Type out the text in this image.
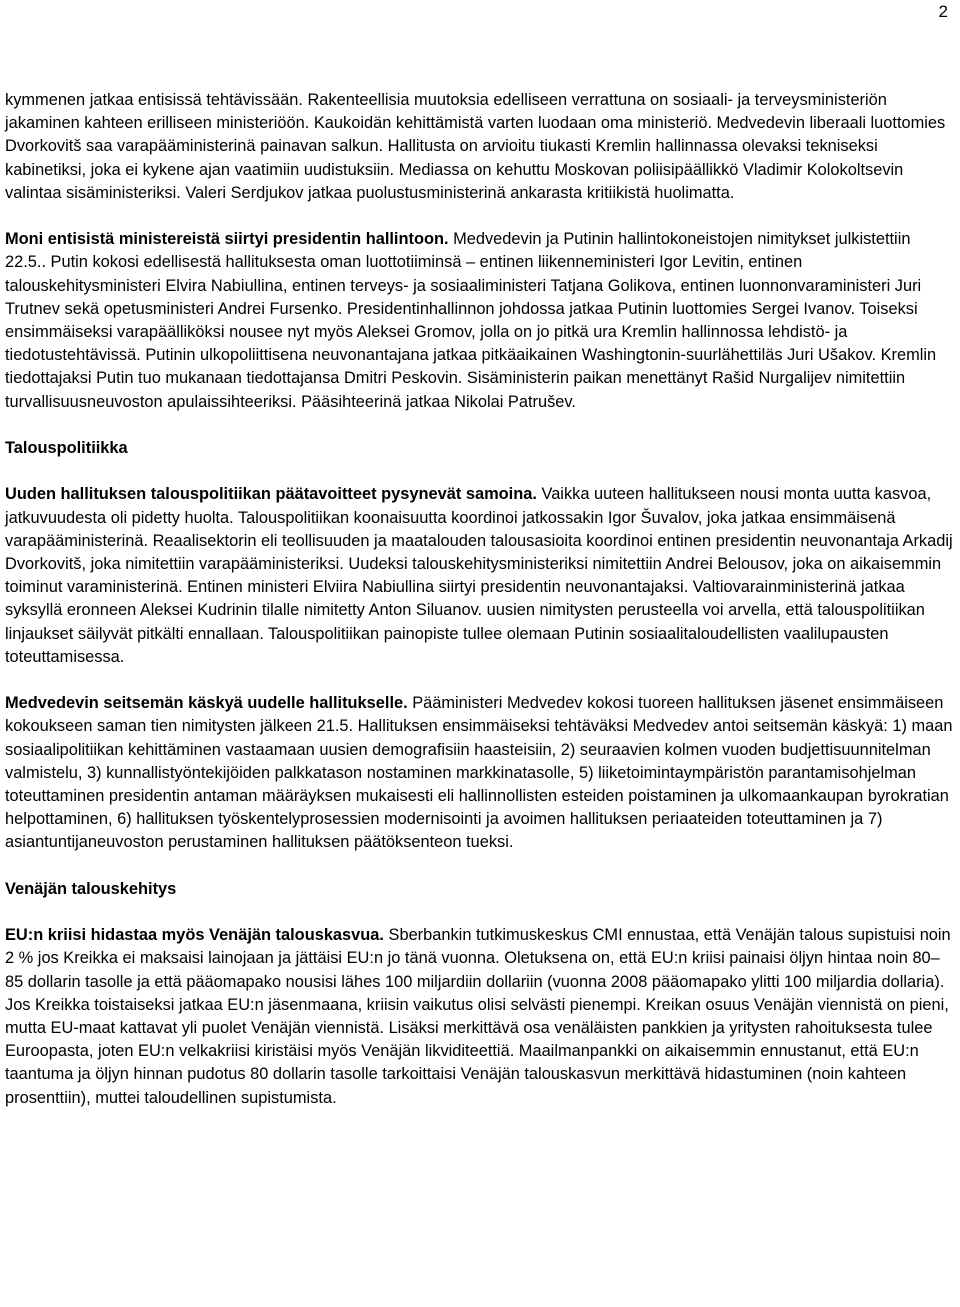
2

kymmenen jatkaa entisissä tehtävissään. Rakenteellisia muutoksia edelliseen verrattuna on sosiaali- ja terveysministeriön jakaminen kahteen erilliseen ministeriöön. Kaukoidän kehittämistä varten luodaan oma ministeriö. Medvedevin liberaali luottomies Dvorkovitš saa varapääministerinä painavan salkun. Hallitusta on arvioitu tiukasti Kremlin hallinnassa olevaksi tekniseksi kabinetiksi, joka ei kykene ajan vaatimiin uudistuksiin. Mediassa on kehuttu Moskovan poliisipäällikkö Vladimir Kolokoltsevin valintaa sisäministeriksi. Valeri Serdjukov jatkaa puolustusministerinä ankarasta kritiikistä huolimatta.

Moni entisistä ministereistä siirtyi presidentin hallintoon. Medvedevin ja Putinin hallintokoneistojen nimitykset julkistettiin 22.5.. Putin kokosi edellisestä hallituksesta oman luottotiiminsä – entinen liikenneministeri Igor Levitin, entinen talouskehitysministeri Elvira Nabiullina, entinen terveys- ja sosiaaliministeri Tatjana Golikova, entinen luonnonvaraministeri Juri Trutnev sekä opetusministeri Andrei Fursenko. Presidentinhallinnon johdossa jatkaa Putinin luottomies Sergei Ivanov. Toiseksi ensimmäiseksi varapäälliköksi nousee nyt myös Aleksei Gromov, jolla on jo pitkä ura Kremlin hallinnossa lehdistö- ja tiedotustehtävissä. Putinin ulkopoliittisena neuvonantajana jatkaa pitkäaikainen Washingtonin-suurlähettiläs Juri Ušakov. Kremlin tiedottajaksi Putin tuo mukanaan tiedottajansa Dmitri Peskovin. Sisäministerin paikan menettänyt Rašid Nurgalijev nimitettiin turvallisuusneuvoston apulaissihteeriksi. Pääsihteerinä jatkaa Nikolai Patrušev.

Talouspolitiikka

Uuden hallituksen talouspolitiikan päätavoitteet pysynevät samoina. Vaikka uuteen hallitukseen nousi monta uutta kasvoa, jatkuvuudesta oli pidetty huolta. Talouspolitiikan koonaisuutta koordinoi jatkossakin Igor Šuvalov, joka jatkaa ensimmäisenä varapääministerinä. Reaalisektorin eli teollisuuden ja maatalouden talousasioita koordinoi entinen presidentin neuvonantaja Arkadij Dvorkovitš, joka nimitettiin varapääministeriksi. Uudeksi talouskehitysministeriksi nimitettiin Andrei Belousov, joka on aikaisemmin toiminut varaministerinä. Entinen ministeri Elviira Nabiullina siirtyi presidentin neuvonantajaksi. Valtiovarainministerinä jatkaa syksyllä eronneen Aleksei Kudrinin tilalle nimitetty Anton Siluanov. uusien nimitysten perusteella voi arvella, että talouspolitiikan linjaukset säilyvät pitkälti ennallaan. Talouspolitiikan painopiste tullee olemaan Putinin sosiaalitaloudellisten vaalilupausten toteuttamisessa.

Medvedevin seitsemän käskyä uudelle hallitukselle. Pääministeri Medvedev kokosi tuoreen hallituksen jäsenet ensimmäiseen kokoukseen saman tien nimitysten jälkeen 21.5. Hallituksen ensimmäiseksi tehtäväksi Medvedev antoi seitsemän käskyä: 1) maan sosiaalipolitiikan kehittäminen vastaamaan uusien demografisiin haasteisiin, 2) seuraavien kolmen vuoden budjettisuunnitelman valmistelu, 3) kunnallistyöntekijöiden palkkatason nostaminen markkinatasolle, 5) liiketoimintaympäristön parantamisohjelman toteuttaminen presidentin antaman määräyksen mukaisesti eli hallinnollisten esteiden poistaminen ja ulkomaankaupan byrokratian helpottaminen, 6) hallituksen työskentelyprosessien modernisointi ja avoimen hallituksen periaateiden toteuttaminen ja 7) asiantuntijaneuvoston perustaminen hallituksen päätöksenteon tueksi.

Venäjän talouskehitys

EU:n kriisi hidastaa myös Venäjän talouskasvua. Sberbankin tutkimuskeskus CMI ennustaa, että Venäjän talous supistuisi noin 2 % jos Kreikka ei maksaisi lainojaan ja jättäisi EU:n jo tänä vuonna. Oletuksena on, että EU:n kriisi painaisi öljyn hintaa noin 80–85 dollarin tasolle ja että pääomapako nousisi lähes 100 miljardiin dollariin (vuonna 2008 pääomapako ylitti 100 miljardia dollaria). Jos Kreikka toistaiseksi jatkaa EU:n jäsenmaana, kriisin vaikutus olisi selvästi pienempi. Kreikan osuus Venäjän viennistä on pieni, mutta EU-maat kattavat yli puolet Venäjän viennistä. Lisäksi merkittävä osa venäläisten pankkien ja yritysten rahoituksesta tulee Euroopasta, joten EU:n velkakriisi kiristäisi myös Venäjän likviditeettiä. Maailmanpankki on aikaisemmin ennustanut, että EU:n taantuma ja öljyn hinnan pudotus 80 dollarin tasolle tarkoittaisi Venäjän talouskasvun merkittävä hidastuminen (noin kahteen prosenttiin), muttei taloudellinen supistumista.
